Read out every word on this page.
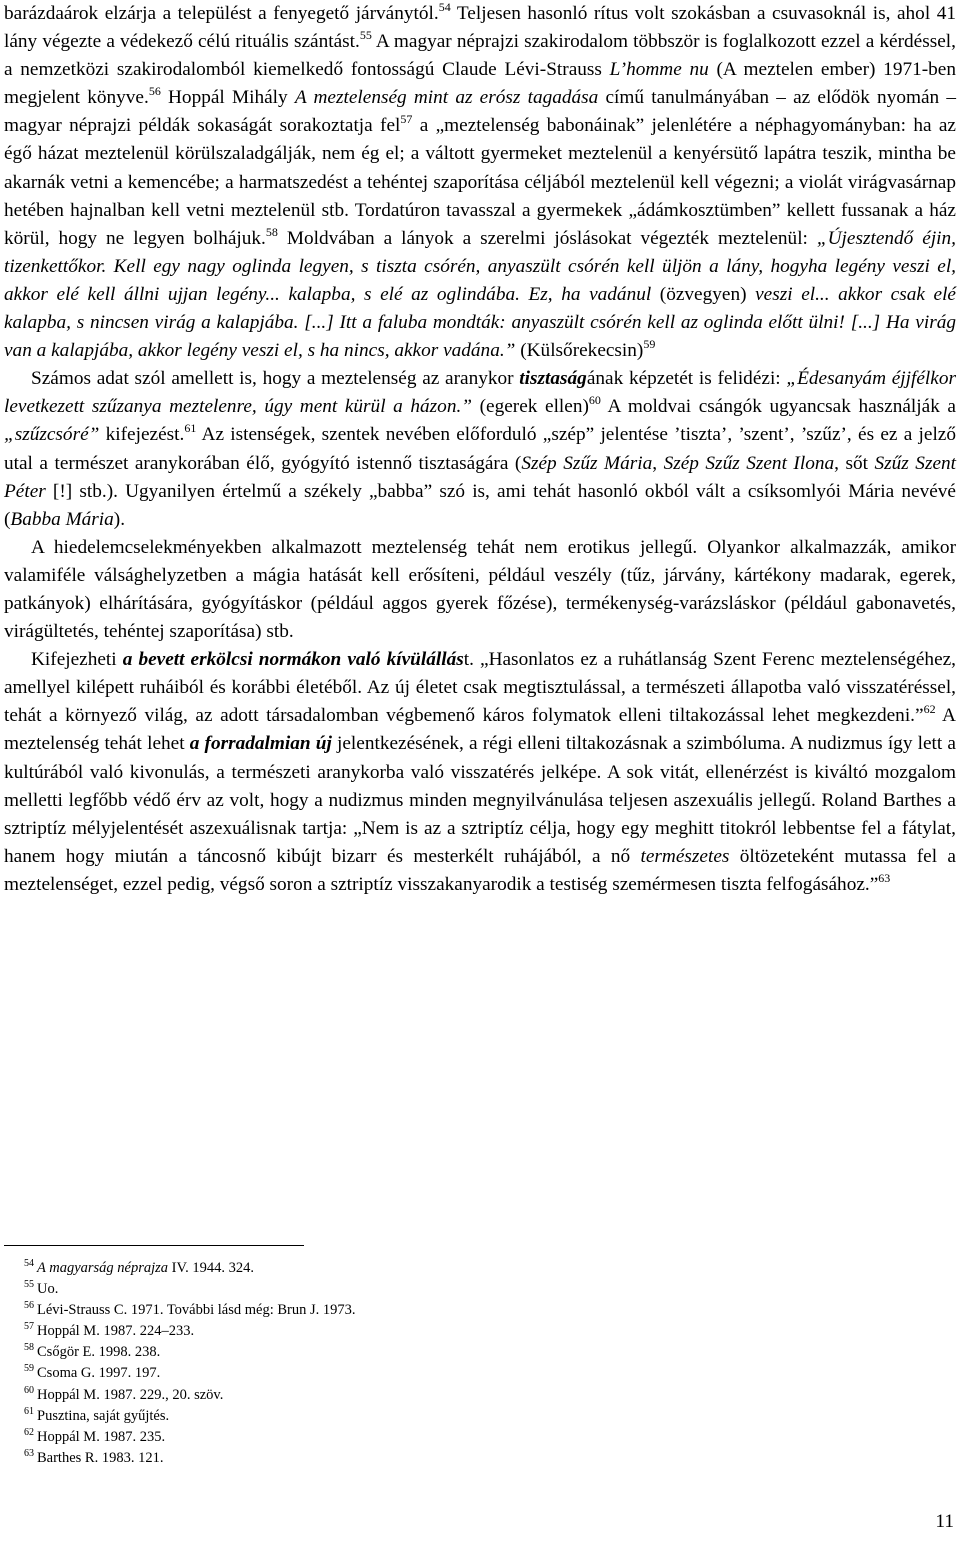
barázdaárok elzárja a települést a fenyegető járványtól.$^{54}$ Teljesen hasonló rítus volt szokásban a csuvasoknál is, ahol 41 lány végezte a védekező célú rituális szántást.$^{55}$ A magyar néprajzi szakirodalom többször is foglalkozott ezzel a kérdéssel, a nemzetközi szakirodalomból kiemelkedő fontosságú Claude Lévi-Strauss L’homme nu (A meztelen ember) 1971-ben megjelent könyve.$^{56}$ Hoppál Mihály A meztelenség mint az erósz tagadása című tanulmányában – az elődök nyomán – magyar néprajzi példák sokaságát sorakoztatja fel$^{57}$ a „meztelenség babonáinak” jelenlétére a néphagyományban: ha az égő házat meztelenül körülszaladgálják, nem ég el; a váltott gyermeket meztelenül a kenyérsütő lapátra teszik, mintha be akarnák vetni a kemencébe; a harmatszedést a tehéntej szaporítása céljából meztelenül kell végezni; a violát virágvasárnap hetében hajnalban kell vetni meztelenül stb. Tordatúron tavasszal a gyermekek „ádámkosztümben” kellett fussanak a ház körül, hogy ne legyen bolhájuk.$^{58}$ Moldvában a lányok a szerelmi jóslásokat végezték meztelenül: „Újesztendő éjin, tizenkettőkor. Kell egy nagy oglinda legyen, s tiszta csórén, anyaszült csórén kell üljön a lány, hogyha legény veszi el, akkor elé kell állni ujjan legény... kalapba, s elé az oglindába. Ez, ha vadánul (özvegyen) veszi el... akkor csak elé kalapba, s nincsen virág a kalapjába. [...] Itt a faluba mondták: anyaszült csórén kell az oglinda előtt ülni! [...] Ha virág van a kalapjába, akkor legény veszi el, s ha nincs, akkor vadána.” (Külsőrekecsin)$^{59}$

Számos adat szól amellett is, hogy a meztelenség az aranykor tisztaságának képzetét is felidézi: „Édesanyám éjjfélkor levetkezett szűzanya meztelenre, úgy ment kürül a házon.” (egerek ellen)$^{60}$ A moldvai csángók ugyancsak használják a „szűzcsóré” kifejezést.$^{61}$ Az istenségek, szentek nevében előforduló „szép” jelentése ’tiszta’, ’szent’, ’szűz’, és ez a jelző utal a természet aranykorában élő, gyógyító istennő tisztaságára (Szép Szűz Mária, Szép Szűz Szent Ilona, sőt Szűz Szent Péter [!] stb.). Ugyanilyen értelmű a székely „babba” szó is, ami tehát hasonló okból vált a csíksomlyói Mária nevévé (Babba Mária).

A hiedelemcselekményekben alkalmazott meztelenség tehát nem erotikus jellegű. Olyankor alkalmazzák, amikor valamiféle válsághelyzetben a mágia hatását kell erősíteni, például veszély (tűz, járvány, kártékony madarak, egerek, patkányok) elhárítására, gyógyításkor (például aggos gyerek főzése), termékenység-varázsláskor (például gabonavetés, virágültetés, tehéntej szaporítása) stb.

Kifejezheti a bevett erkölcsi normákon való kívülállást. „Hasonlatos ez a ruhátlanság Szent Ferenc meztelenségéhez, amellyel kilépett ruháiból és korábbi életéből. Az új életet csak megtisztulással, a természeti állapotba való visszatéréssel, tehát a környező világ, az adott társadalomban végbemenő káros folymatok elleni tiltakozással lehet megkezdeni.”$^{62}$ A meztelenség tehát lehet a forradalmian új jelentkezésének, a régi elleni tiltakozásnak a szimbóluma. A nudizmus így lett a kultúrából való kivonulás, a természeti aranykorba való visszatérés jelképe. A sok vitát, ellenérzést is kiváltó mozgalom melletti legfőbb védő érv az volt, hogy a nudizmus minden megnyilvánulása teljesen aszexuális jellegű. Roland Barthes a sztriptíz mélyjelentését aszexuálisnak tartja: „Nem is az a sztriptíz célja, hogy egy meghitt titokról lebbentse fel a fátylat, hanem hogy miután a táncosnő kibújt bizarr és mesterkélt ruhájából, a nő természetes öltözeteként mutassa fel a meztelenséget, ezzel pedig, végső soron a sztriptíz visszakanyarodik a testiség szemérmesen tiszta felfogásához.”$^{63}$

$^{54}$ A magyarság néprajza IV. 1944. 324.
$^{55}$ Uo.
$^{56}$ Lévi-Strauss C. 1971. További lásd még: Brun J. 1973.
$^{57}$ Hoppál M. 1987. 224–233.
$^{58}$ Csőgör E. 1998. 238.
$^{59}$ Csoma G. 1997. 197.
$^{60}$ Hoppál M. 1987. 229., 20. szöv.
$^{61}$ Pusztina, saját gyűjtés.
$^{62}$ Hoppál M. 1987. 235.
$^{63}$ Barthes R. 1983. 121.
11
